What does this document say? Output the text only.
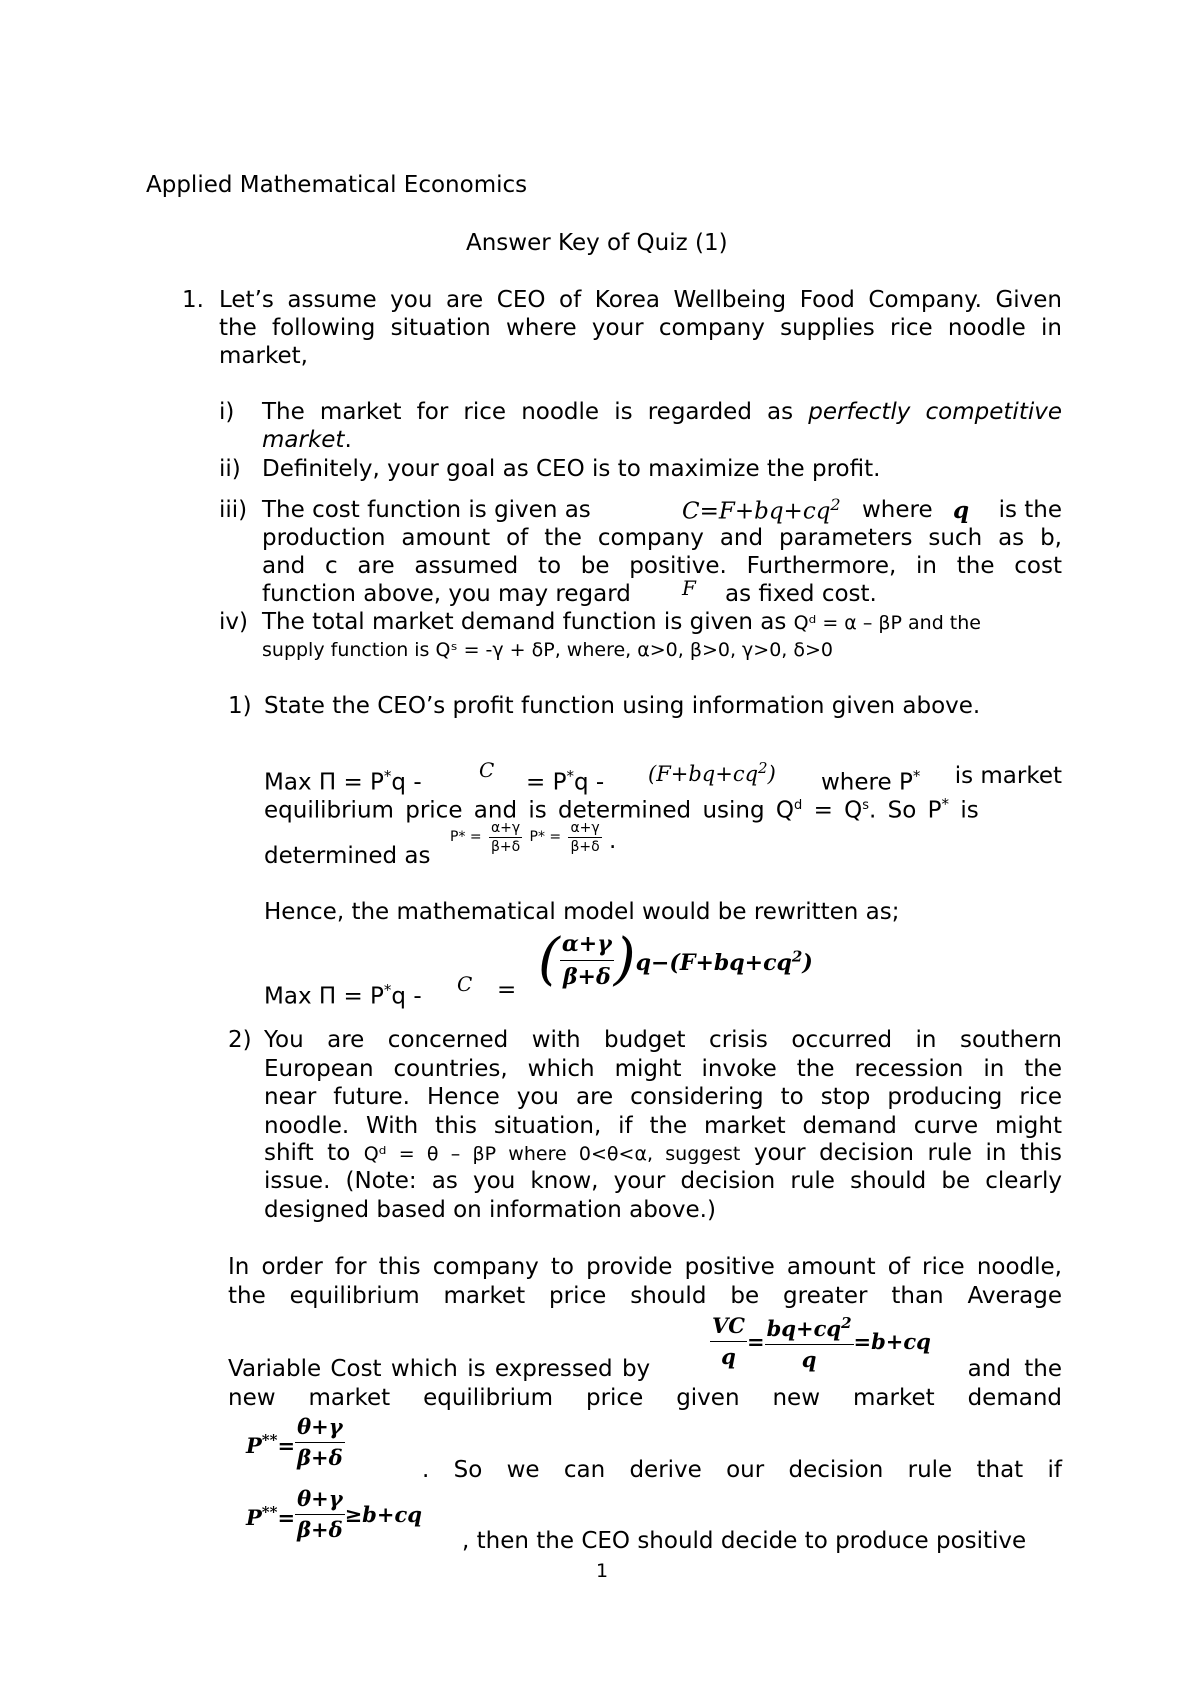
Applied Mathematical Economics
Answer Key of Quiz (1)
1. Let’s assume you are CEO of Korea Wellbeing Food Company. Given
the following situation where your company supplies rice noodle in
market,
i) The market for rice noodle is regarded as perfectly competitive
market.
ii) Definitely, your goal as CEO is to maximize the profit.
iii) The cost function is given as	$C=F+bq+cq^2$ where q	is the
production amount of the company and parameters such as b,
and c are assumed to be positive. Furthermore, in the cost
function above, you may regard	F as fixed cost.
iv) The total market demand function is given as Qᵈ = α – βP and the
supply function is Qˢ = -γ + δP, where, α>0, β>0, γ>0, δ>0
1) State the CEO’s profit function using information given above.
Max Π = P*q -	$C = P^*q - (F+bq+cq^2)$ where P* is market
equilibrium price and is determined using $Q^d = Q^s$. So P* is
determined as
$P* = \frac{\alpha+\gamma}{\beta+\delta} P* = \frac{\alpha+\gamma}{\beta+\delta}$ .
Hence, the mathematical model would be rewritten as;
Max Π = P*q - C = ( $\frac{\alpha+\gamma}{\beta+\delta} )q-(F+bq+cq^2)$
2) You are concerned with budget crisis occurred in southern
European countries, which might invoke the recession in the
near future. Hence you are considering to stop producing rice
noodle. With this situation, if the market demand curve might
shift to Qᵈ = θ – βP where 0<θ<α, suggest your decision rule in this
issue. (Note: as you know, your decision rule should be clearly
designed based on information above.)
In order for this company to provide positive amount of rice noodle,
the equilibrium market price should be greater than Average
$\frac{VC}{q} = \frac{bq+cq^2}{q} =b+cq$
Variable Cost which is expressed by	and the
new market equilibrium price given new market demand
$P^{**}= \frac{\theta+\gamma}{\beta+\delta}$	. So we can derive our decision rule that if
$P^{**}= \frac{\theta+\gamma}{\beta+\delta} \ge b+cq$
, then the CEO should decide to produce positive
1
